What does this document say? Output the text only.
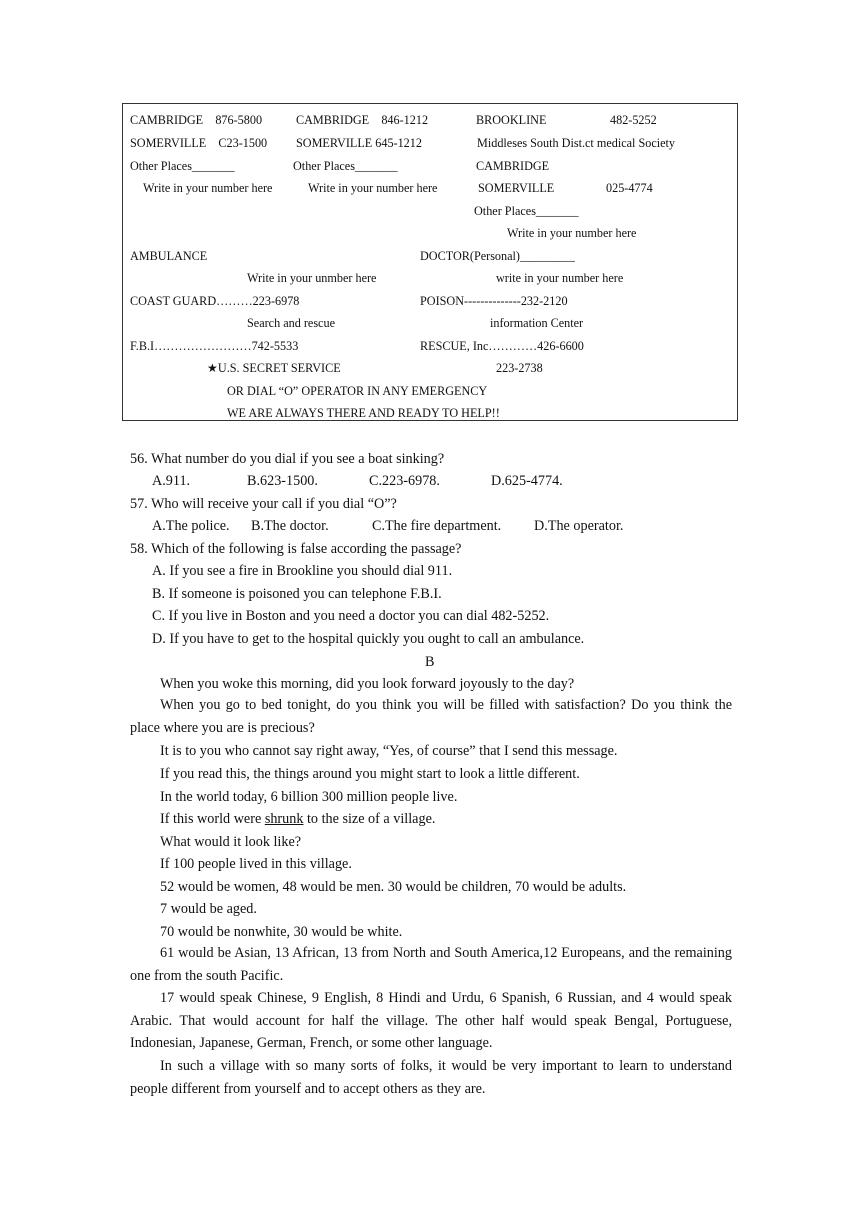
CAMBRIDGE    876-5800	CAMBRIDGE    846-1212	BROOKLINE	482-5252
SOMERVILLE    C23-1500 SOMERVILLE 645-1212	Middleses South Dist.ct medical Society
Other Places_______	Other Places_______	CAMBRIDGE
Write in your number here	Write in your number here	SOMERVILLE	025-4774
Other Places_______
Write in your number here
AMBULANCE	DOCTOR(Personal)_________
Write in your unmber here	write in your number here
COAST GUARD………223-6978	POISON--------------232-2120
Search and rescue	information Center
F.B.I……………………742-5533	RESCUE, Inc…………426-6600
★U.S. SECRET SERVICE	223-2738
OR DIAL “O” OPERATOR IN ANY EMERGENCY
WE ARE ALWAYS THERE AND READY TO HELP!!
56. What number do you dial if you see a boat sinking?
A.911.	B.623-1500.	C.223-6978.	D.625-4774.
57. Who will receive your call if you dial “O”?
A.The police. B.The doctor.	C.The fire department. D.The operator.
58. Which of the following is false according the passage?
A. If you see a fire in Brookline you should dial 911.
B. If someone is poisoned you can telephone F.B.I.
C. If you live in Boston and you need a doctor you can dial 482-5252.
D. If you have to get to the hospital quickly you ought to call an ambulance.
B
When you woke this morning, did you look forward joyously to the day?
When you go to bed tonight, do you think you will be filled with satisfaction? Do you think the place where you are is precious?
It is to you who cannot say right away, “Yes, of course” that I send this message.
If you read this, the things around you might start to look a little different.
In the world today, 6 billion 300 million people live.
If this world were shrunk to the size of a village.
What would it look like?
If 100 people lived in this village.
52 would be women, 48 would be men. 30 would be children, 70 would be adults.
7 would be aged.
70 would be nonwhite, 30 would be white.
61 would be Asian, 13 African, 13 from North and South America,12 Europeans, and the remaining one from the south Pacific.
17 would speak Chinese, 9 English, 8 Hindi and Urdu, 6 Spanish, 6 Russian, and 4 would speak Arabic. That would account for half the village. The other half would speak Bengal, Portuguese, Indonesian, Japanese, German, French, or some other language.
In such a village with so many sorts of folks, it would be very important to learn to understand people different from yourself and to accept others as they are.
